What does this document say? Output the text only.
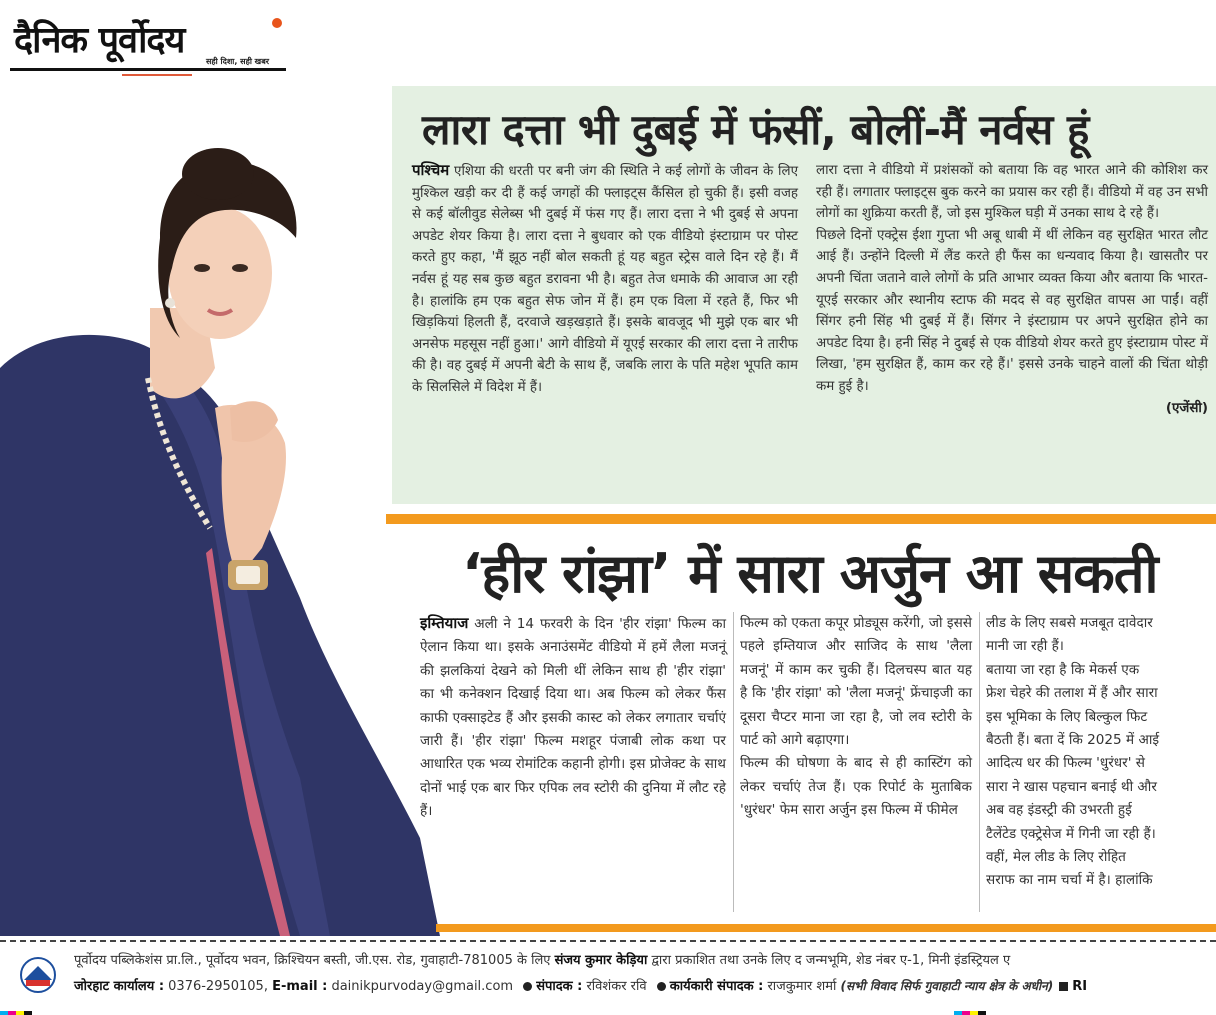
दैनिक पूर्वोदय
सही दिशा, सही खबर
लारा दत्ता भी दुबई में फंसीं, बोलीं-मैं नर्वस हूं
पश्चिम एशिया की धरती पर बनी जंग की स्थिति ने कई लोगों के जीवन के लिए मुश्किल खड़ी कर दी हैं कई जगहों की फ्लाइट्स कैंसिल हो चुकी हैं। इसी वजह से कई बॉलीवुड सेलेब्स भी दुबई में फंस गए हैं। लारा दत्ता ने भी दुबई से अपना अपडेट शेयर किया है। लारा दत्ता ने बुधवार को एक वीडियो इंस्टाग्राम पर पोस्ट करते हुए कहा, 'मैं झूठ नहीं बोल सकती हूं यह बहुत स्ट्रेस वाले दिन रहे हैं। मैं नर्वस हूं यह सब कुछ बहुत डरावना भी है। बहुत तेज धमाके की आवाज आ रही है। हालांकि हम एक बहुत सेफ जोन में हैं। हम एक विला में रहते हैं, फिर भी खिड़कियां हिलती हैं, दरवाजे खड़खड़ाते हैं। इसके बावजूद भी मुझे एक बार भी अनसेफ महसूस नहीं हुआ।' आगे वीडियो में यूएई सरकार की लारा दत्ता ने तारीफ की है। वह दुबई में अपनी बेटी के साथ हैं, जबकि लारा के पति महेश भूपति काम के सिलसिले में विदेश में हैं।
लारा दत्ता ने वीडियो में प्रशंसकों को बताया कि वह भारत आने की कोशिश कर रही हैं। लगातार फ्लाइट्स बुक करने का प्रयास कर रही हैं। वीडियो में वह उन सभी लोगों का शुक्रिया करती हैं, जो इस मुश्किल घड़ी में उनका साथ दे रहे हैं।
पिछले दिनों एक्ट्रेस ईशा गुप्ता भी अबू धाबी में थीं लेकिन वह सुरक्षित भारत लौट आई हैं। उन्होंने दिल्ली में लैंड करते ही फैंस का धन्यवाद किया है। खासतौर पर अपनी चिंता जताने वाले लोगों के प्रति आभार व्यक्त किया और बताया कि भारत-यूएई सरकार और स्थानीय स्टाफ की मदद से वह सुरक्षित वापस आ पाईं। वहीं सिंगर हनी सिंह भी दुबई में हैं। सिंगर ने इंस्टाग्राम पर अपने सुरक्षित होने का अपडेट दिया है। हनी सिंह ने दुबई से एक वीडियो शेयर करते हुए इंस्टाग्राम पोस्ट में लिखा, 'हम सुरक्षित हैं, काम कर रहे हैं।' इससे उनके चाहने वालों की चिंता थोड़ी कम हुई है।
(एजेंसी)
‘हीर रांझा’ में सारा अर्जुन आ सकती
इम्तियाज अली ने 14 फरवरी के दिन 'हीर रांझा' फिल्म का ऐलान किया था। इसके अनाउंसमेंट वीडियो में हमें लैला मजनूं की झलकियां देखने को मिली थीं लेकिन साथ ही 'हीर रांझा' का भी कनेक्शन दिखाई दिया था। अब फिल्म को लेकर फैंस काफी एक्साइटेड हैं और इसकी कास्ट को लेकर लगातार चर्चाएं जारी हैं। 'हीर रांझा' फिल्म मशहूर पंजाबी लोक कथा पर आधारित एक भव्य रोमांटिक कहानी होगी। इस प्रोजेक्ट के साथ दोनों भाई एक बार फिर एपिक लव स्टोरी की दुनिया में लौट रहे हैं।
फिल्म को एकता कपूर प्रोड्यूस करेंगी, जो इससे पहले इम्तियाज और साजिद के साथ 'लैला मजनूं' में काम कर चुकी हैं। दिलचस्प बात यह है कि 'हीर रांझा' को 'लैला मजनूं' फ्रेंचाइजी का दूसरा चैप्टर माना जा रहा है, जो लव स्टोरी के पार्ट को आगे बढ़ाएगा।
फिल्म की घोषणा के बाद से ही कास्टिंग को लेकर चर्चाएं तेज हैं। एक रिपोर्ट के मुताबिक 'धुरंधर' फेम सारा अर्जुन इस फिल्म में फीमेल
लीड के लिए सबसे मजबूत दावेदार
मानी जा रही हैं।
बताया जा रहा है कि मेकर्स एक
फ्रेश चेहरे की तलाश में हैं और सारा
इस भूमिका के लिए बिल्कुल फिट
बैठती हैं। बता दें कि 2025 में आई
आदित्य धर की फिल्म 'धुरंधर' से
सारा ने खास पहचान बनाई थी और
अब वह इंडस्ट्री की उभरती हुई
टैलेंटेड एक्ट्रेसेज में गिनी जा रही हैं।
वहीं, मेल लीड के लिए रोहित
सराफ का नाम चर्चा में है। हालांकि
पूर्वोदय पब्लिकेशंस प्रा.लि., पूर्वोदय भवन, क्रिश्चियन बस्ती, जी.एस. रोड, गुवाहाटी-781005 के लिए संजय कुमार केड़िया द्वारा प्रकाशित तथा उनके लिए द जन्मभूमि, शेड नंबर ए-1, मिनी इंडस्ट्रियल ए
जोरहाट कार्यालय : 0376-2950105, E-mail : dainikpurvoday@gmail.com संपादक : रविशंकर रवि कार्यकारी संपादक : राजकुमार शर्मा (सभी विवाद सिर्फ गुवाहाटी न्याय क्षेत्र के अधीन) RI
